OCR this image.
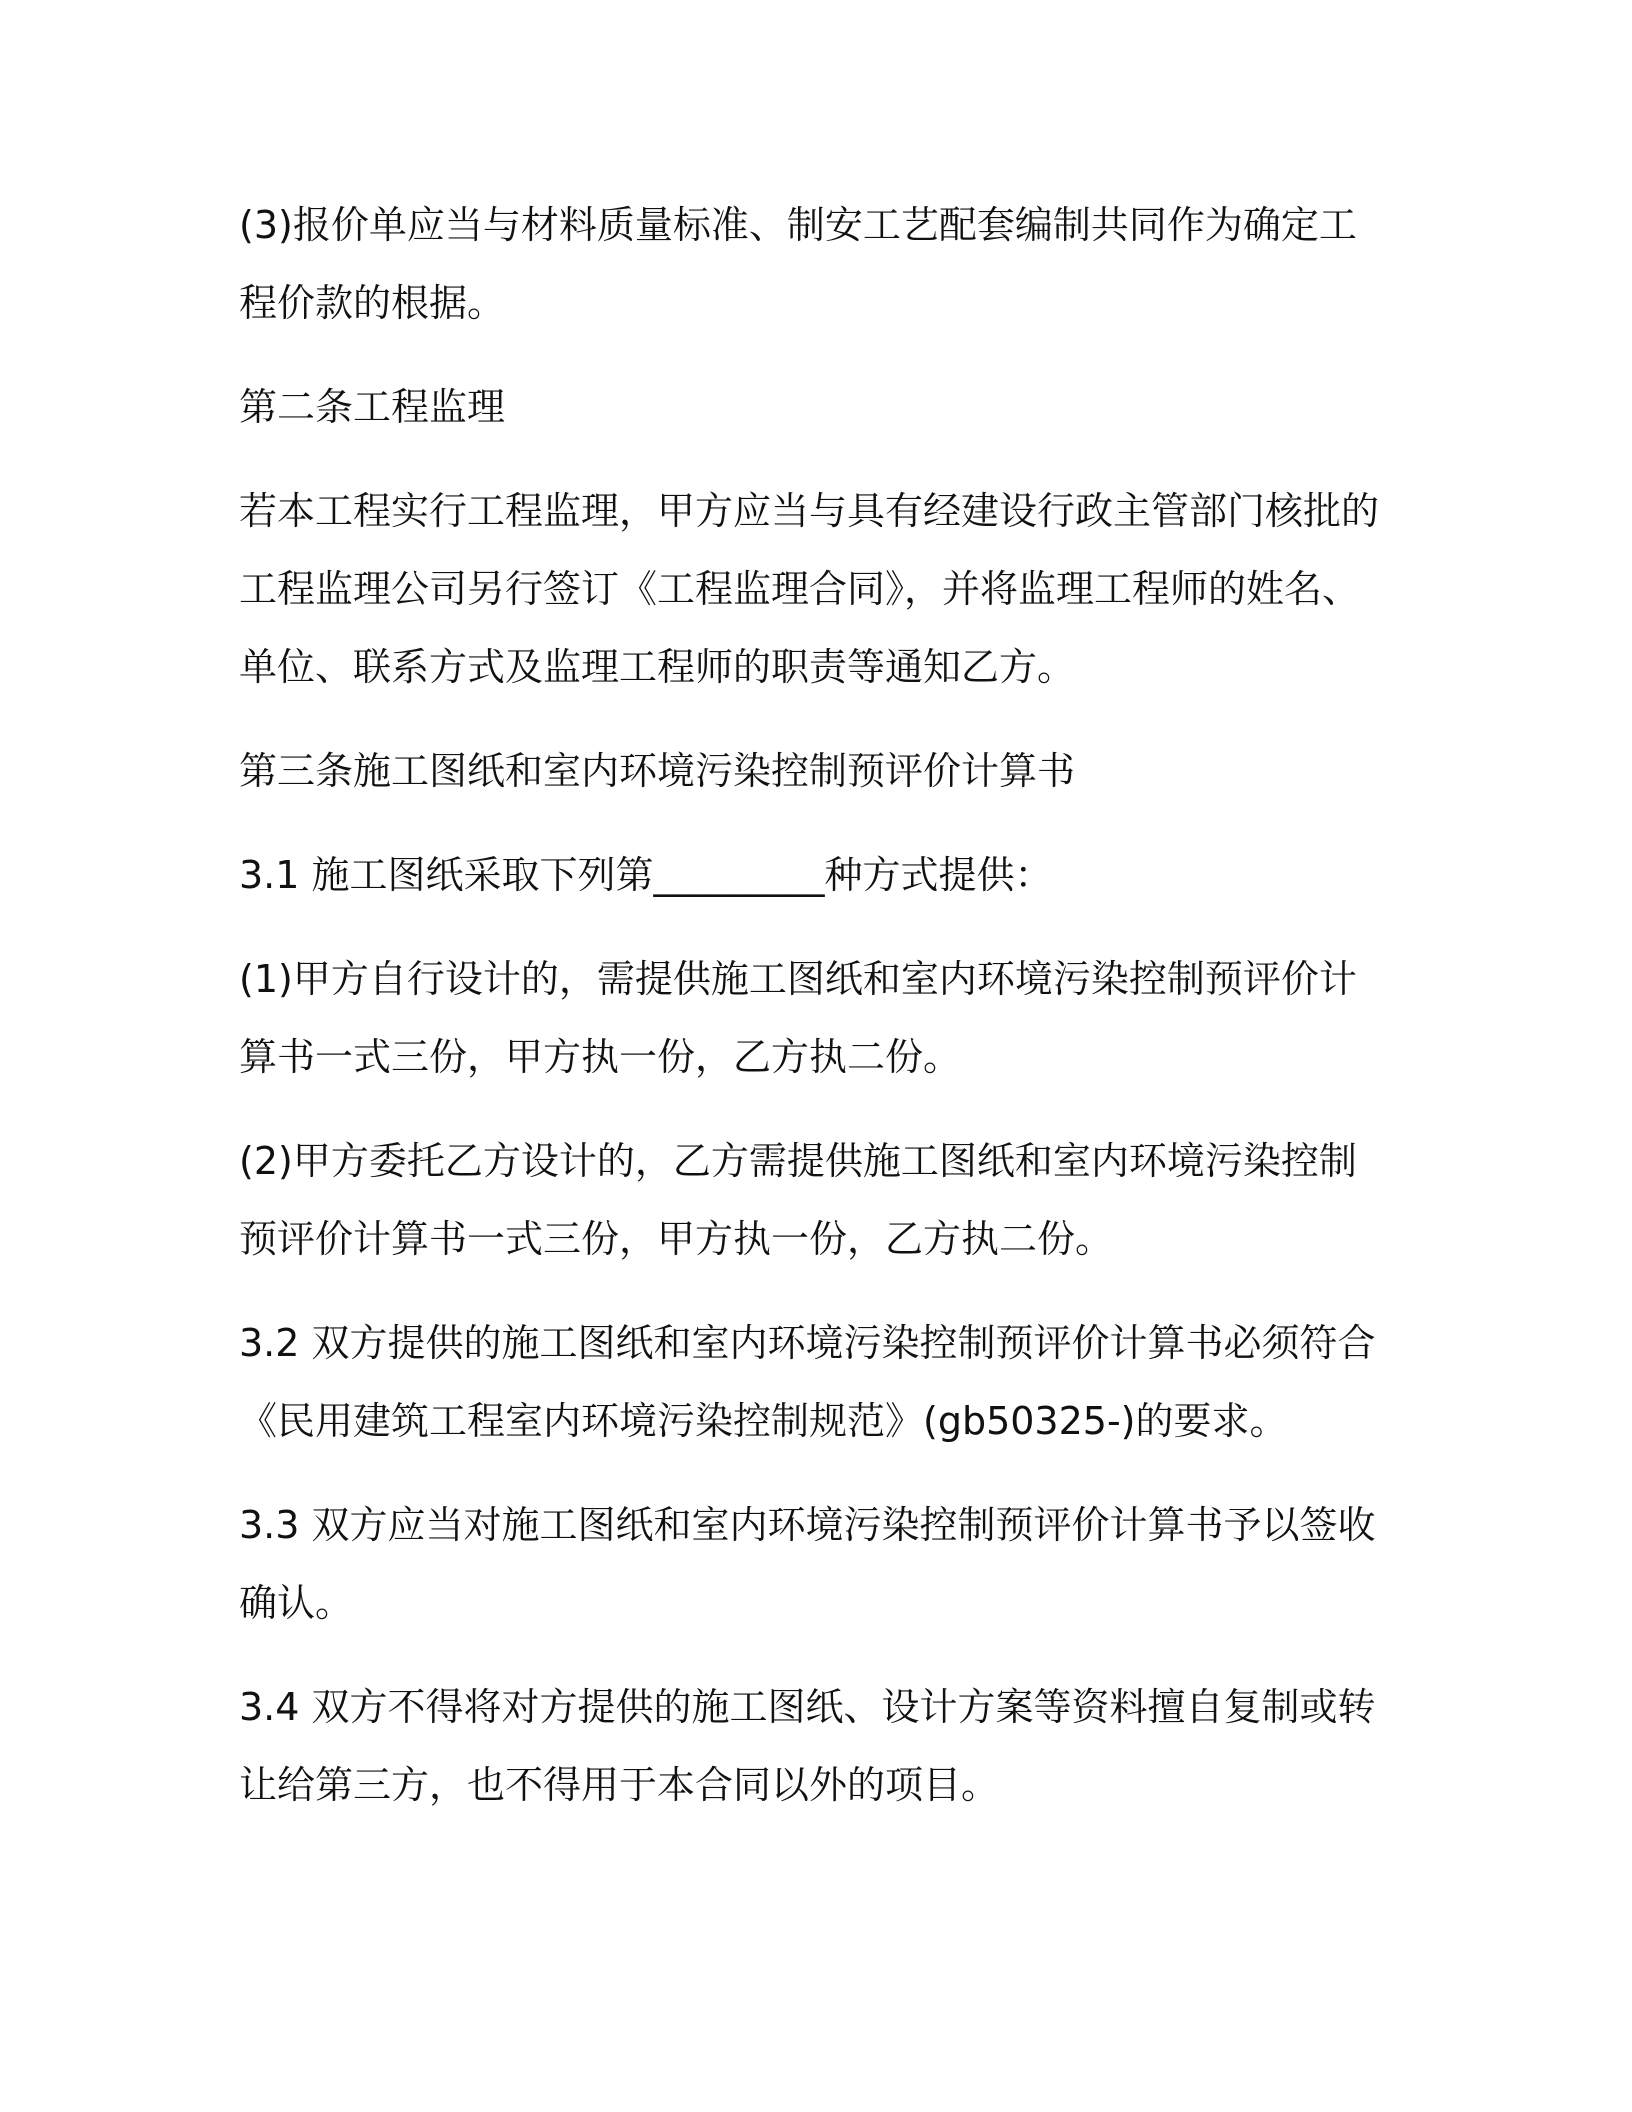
(3)报价单应当与材料质量标准、制安工艺配套编制共同作为确定工程价款的根据。

第二条工程监理

若本工程实行工程监理，甲方应当与具有经建设行政主管部门核批的工程监理公司另行签订《工程监理合同》，并将监理工程师的姓名、单位、联系方式及监理工程师的职责等通知乙方。

第三条施工图纸和室内环境污染控制预评价计算书

3.1 施工图纸采取下列第_________种方式提供：

(1)甲方自行设计的，需提供施工图纸和室内环境污染控制预评价计算书一式三份，甲方执一份，乙方执二份。

(2)甲方委托乙方设计的，乙方需提供施工图纸和室内环境污染控制预评价计算书一式三份，甲方执一份，乙方执二份。

3.2 双方提供的施工图纸和室内环境污染控制预评价计算书必须符合《民用建筑工程室内环境污染控制规范》(gb50325-)的要求。

3.3 双方应当对施工图纸和室内环境污染控制预评价计算书予以签收确认。

3.4 双方不得将对方提供的施工图纸、设计方案等资料擅自复制或转让给第三方，也不得用于本合同以外的项目。
